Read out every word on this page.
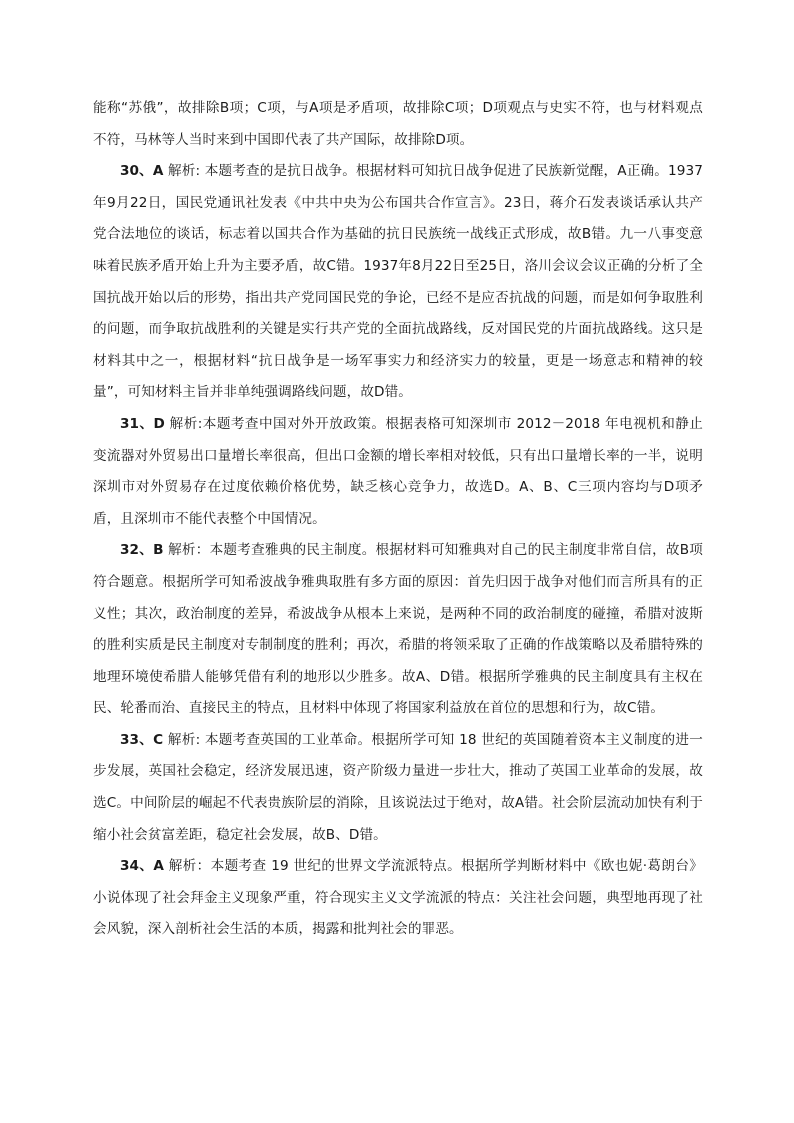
能称“苏俄”，故排除B项；C项，与A项是矛盾项，故排除C项；D项观点与史实不符，也与材料观点不符，马林等人当时来到中国即代表了共产国际，故排除D项。

30、A 解析: 本题考查的是抗日战争。根据材料可知抗日战争促进了民族新觉醒，A正确。1937年9月22日，国民党通讯社发表《中共中央为公布国共合作宣言》。23日，蒋介石发表谈话承认共产党合法地位的谈话，标志着以国共合作为基础的抗日民族统一战线正式形成，故B错。九一八事变意味着民族矛盾开始上升为主要矛盾，故C错。1937年8月22日至25日，洛川会议会议正确的分析了全国抗战开始以后的形势，指出共产党同国民党的争论，已经不是应否抗战的问题，而是如何争取胜利的问题，而争取抗战胜利的关键是实行共产党的全面抗战路线，反对国民党的片面抗战路线。这只是材料其中之一，根据材料“抗日战争是一场军事实力和经济实力的较量，更是一场意志和精神的较量”，可知材料主旨并非单纯强调路线问题，故D错。

31、D 解析:本题考查中国对外开放政策。根据表格可知深圳市 2012－2018 年电视机和静止变流器对外贸易出口量增长率很高，但出口金额的增长率相对较低，只有出口量增长率的一半，说明深圳市对外贸易存在过度依赖价格优势，缺乏核心竞争力，故选D。A、B、C三项内容均与D项矛盾，且深圳市不能代表整个中国情况。

32、B 解析：本题考查雅典的民主制度。根据材料可知雅典对自己的民主制度非常自信，故B项符合题意。根据所学可知希波战争雅典取胜有多方面的原因：首先归因于战争对他们而言所具有的正义性；其次，政治制度的差异，希波战争从根本上来说，是两种不同的政治制度的碰撞，希腊对波斯的胜利实质是民主制度对专制制度的胜利；再次，希腊的将领采取了正确的作战策略以及希腊特殊的地理环境使希腊人能够凭借有利的地形以少胜多。故A、D错。根据所学雅典的民主制度具有主权在民、轮番而治、直接民主的特点，且材料中体现了将国家利益放在首位的思想和行为，故C错。

33、C 解析: 本题考查英国的工业革命。根据所学可知 18 世纪的英国随着资本主义制度的进一步发展，英国社会稳定，经济发展迅速，资产阶级力量进一步壮大，推动了英国工业革命的发展，故选C。中间阶层的崛起不代表贵族阶层的消除，且该说法过于绝对，故A错。社会阶层流动加快有利于缩小社会贫富差距，稳定社会发展，故B、D错。

34、A 解析：本题考查 19 世纪的世界文学流派特点。根据所学判断材料中《欧也妮·葛朗台》小说体现了社会拜金主义现象严重，符合现实主义文学流派的特点：关注社会问题，典型地再现了社会风貌，深入剖析社会生活的本质，揭露和批判社会的罪恶。
